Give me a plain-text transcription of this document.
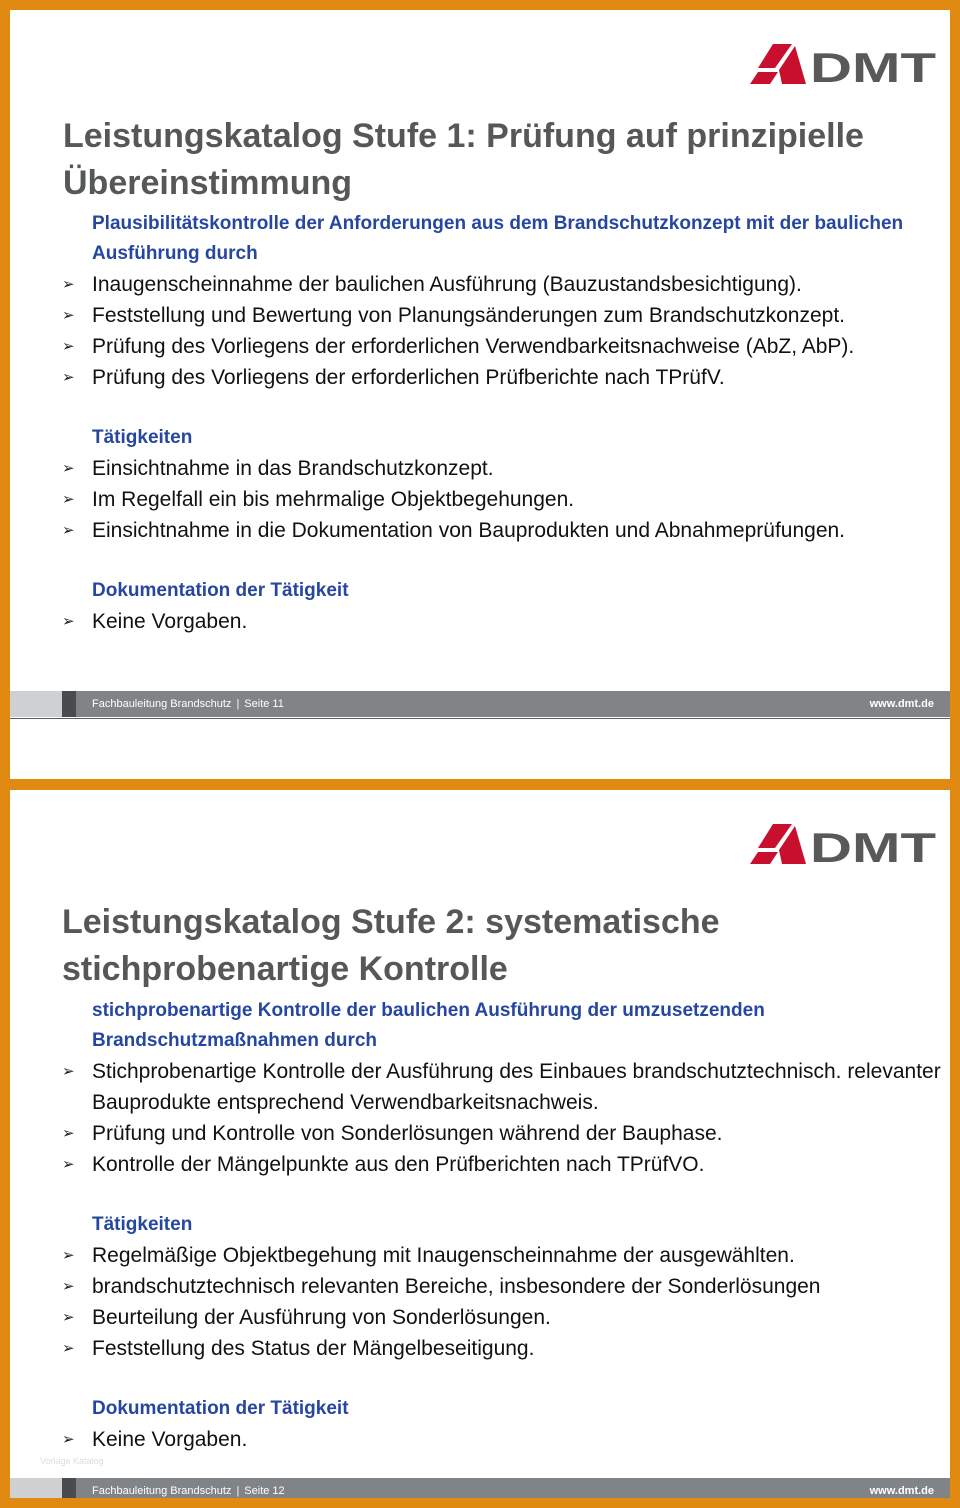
DMT
Leistungskatalog Stufe 1: Prüfung auf prinzipielle Übereinstimmung
Plausibilitätskontrolle der Anforderungen aus dem Brandschutzkonzept mit der baulichen Ausführung durch
➢ Inaugenscheinnahme der baulichen Ausführung (Bauzustandsbesichtigung).
➢ Feststellung und Bewertung von Planungsänderungen zum Brandschutzkonzept.
➢ Prüfung des Vorliegens der erforderlichen Verwendbarkeitsnachweise (AbZ, AbP).
➢ Prüfung des Vorliegens der erforderlichen Prüfberichte nach TPrüfV.
Tätigkeiten
➢ Einsichtnahme in das Brandschutzkonzept.
➢ Im Regelfall ein bis mehrmalige Objektbegehungen.
➢ Einsichtnahme in die Dokumentation von Bauprodukten und Abnahmeprüfungen.
Dokumentation der Tätigkeit
➢ Keine Vorgaben.
Fachbauleitung Brandschutz | Seite 11	www.dmt.de
DMT
Leistungskatalog Stufe 2: systematische stichprobenartige Kontrolle
stichprobenartige Kontrolle der baulichen Ausführung der umzusetzenden Brandschutzmaßnahmen durch
➢ Stichprobenartige Kontrolle der Ausführung des Einbaues brandschutztechnisch. relevanter Bauprodukte entsprechend Verwendbarkeitsnachweis.
➢ Prüfung und Kontrolle von Sonderlösungen während der Bauphase.
➢ Kontrolle der Mängelpunkte aus den Prüfberichten nach TPrüfVO.
Tätigkeiten
➢ Regelmäßige Objektbegehung mit Inaugenscheinnahme der ausgewählten.
➢ brandschutztechnisch relevanten Bereiche, insbesondere der Sonderlösungen
➢ Beurteilung der Ausführung von Sonderlösungen.
➢ Feststellung des Status der Mängelbeseitigung.
Dokumentation der Tätigkeit
➢ Keine Vorgaben.
Vorlage Katalog
Fachbauleitung Brandschutz | Seite 12	www.dmt.de
